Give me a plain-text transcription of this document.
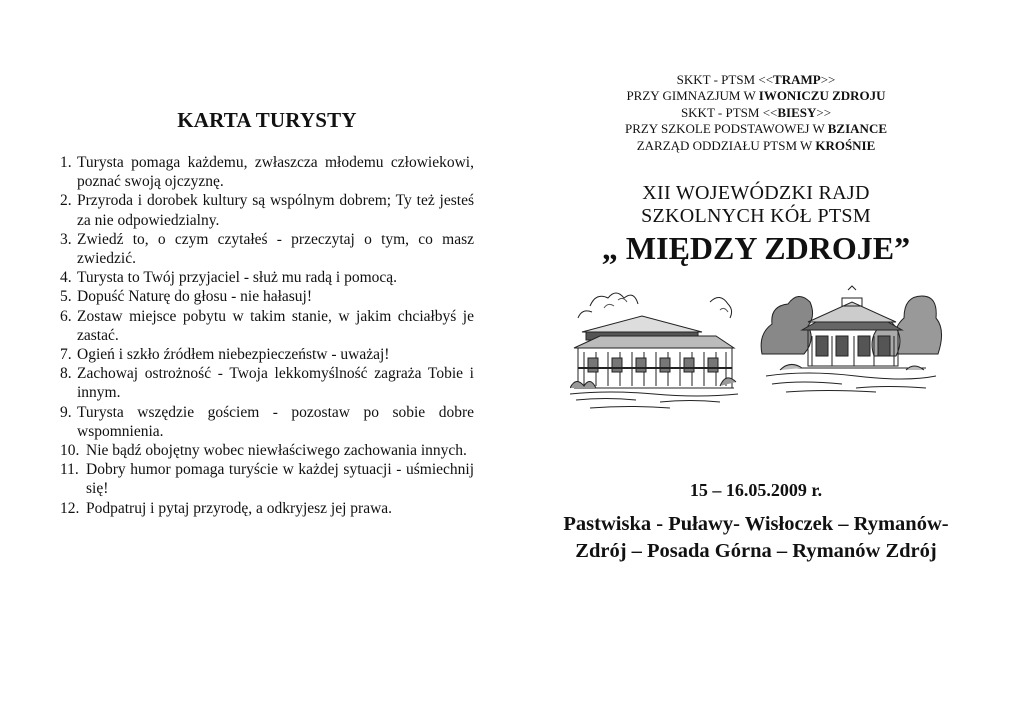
KARTA TURYSTY
1. Turysta pomaga każdemu, zwłaszcza młodemu człowiekowi, poznać swoją ojczyznę.
2. Przyroda i dorobek kultury są wspólnym dobrem; Ty też jesteś za nie odpowiedzialny.
3. Zwiedź to, o czym czytałeś - przeczytaj o tym, co masz zwiedzić.
4. Turysta to Twój przyjaciel - służ mu radą i pomocą.
5. Dopuść Naturę do głosu - nie hałasuj!
6. Zostaw miejsce pobytu w takim stanie, w jakim chciałbyś je zastać.
7. Ogień i szkło źródłem niebezpieczeństw - uważaj!
8. Zachowaj ostrożność - Twoja lekkomyślność zagraża Tobie i innym.
9. Turysta wszędzie gościem - pozostaw po sobie dobre wspomnienia.
10. Nie bądź obojętny wobec niewłaściwego zachowania innych.
11. Dobry humor pomaga turyście w każdej sytuacji - uśmiechnij się!
12. Podpatruj i pytaj przyrodę, a odkryjesz jej prawa.
SKKT - PTSM <<TRAMP>>
PRZY GIMNAZJUM W IWONICZU ZDROJU
SKKT - PTSM <<BIESY>>
PRZY SZKOLE PODSTAWOWEJ W BZIANCE
ZARZĄD ODDZIAŁU PTSM W KROŚNIE
XII WOJEWÓDZKI RAJD
SZKOLNYCH KÓŁ PTSM
„ MIĘDZY ZDROJE”
15 – 16.05.2009 r.
Pastwiska - Puławy- Wisłoczek – Rymanów-Zdrój – Posada Górna – Rymanów Zdrój
